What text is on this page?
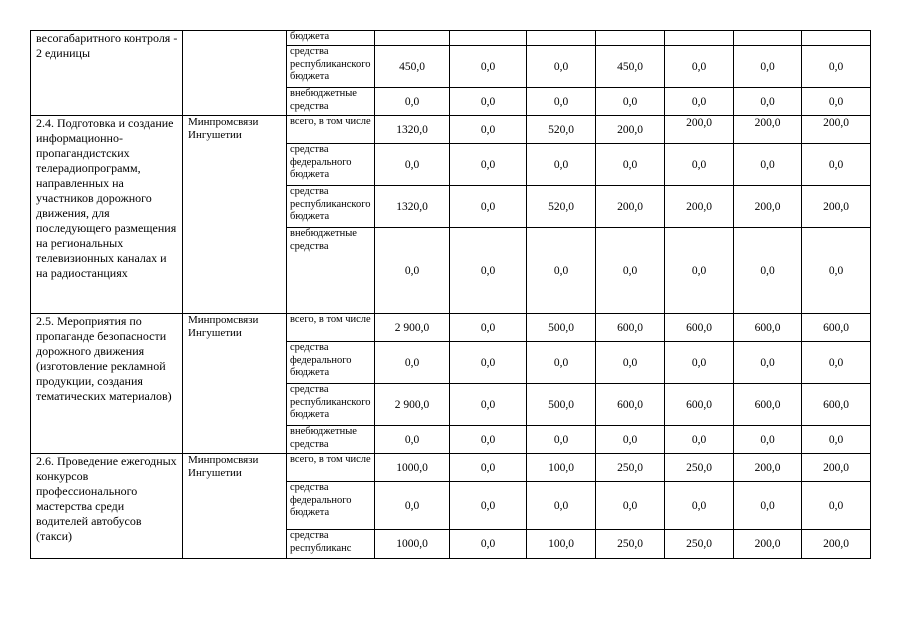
весогабаритного контроля - 2 единицы		бюджета							
		средства республиканского бюджета	450,0	0,0	0,0	450,0	0,0	0,0	0,0
		внебюджетные средства	0,0	0,0	0,0	0,0	0,0	0,0	0,0
2.4. Подготовка и создание информационно-пропагандистских телерадиопрограмм, направленных на участников дорожного движения, для последующего размещения на региональных телевизионных каналах и на радиостанциях	Минпромсвязи Ингушетии	всего, в том числе	1320,0	0,0	520,0	200,0	200,0	200,0	200,0
		средства федерального бюджета	0,0	0,0	0,0	0,0	0,0	0,0	0,0
		средства республиканского бюджета	1320,0	0,0	520,0	200,0	200,0	200,0	200,0
		внебюджетные средства	0,0	0,0	0,0	0,0	0,0	0,0	0,0
2.5. Мероприятия по пропаганде безопасности дорожного движения (изготовление рекламной продукции, создания тематических материалов)	Минпромсвязи Ингушетии	всего, в том числе	2 900,0	0,0	500,0	600,0	600,0	600,0	600,0
		средства федерального бюджета	0,0	0,0	0,0	0,0	0,0	0,0	0,0
		средства республиканского бюджета	2 900,0	0,0	500,0	600,0	600,0	600,0	600,0
		внебюджетные средства	0,0	0,0	0,0	0,0	0,0	0,0	0,0
2.6. Проведение ежегодных конкурсов профессионального мастерства среди водителей автобусов (такси)	Минпромсвязи Ингушетии	всего, в том числе	1000,0	0,0	100,0	250,0	250,0	200,0	200,0
		средства федерального бюджета	0,0	0,0	0,0	0,0	0,0	0,0	0,0
		средства республиканс	1000,0	0,0	100,0	250,0	250,0	200,0	200,0
